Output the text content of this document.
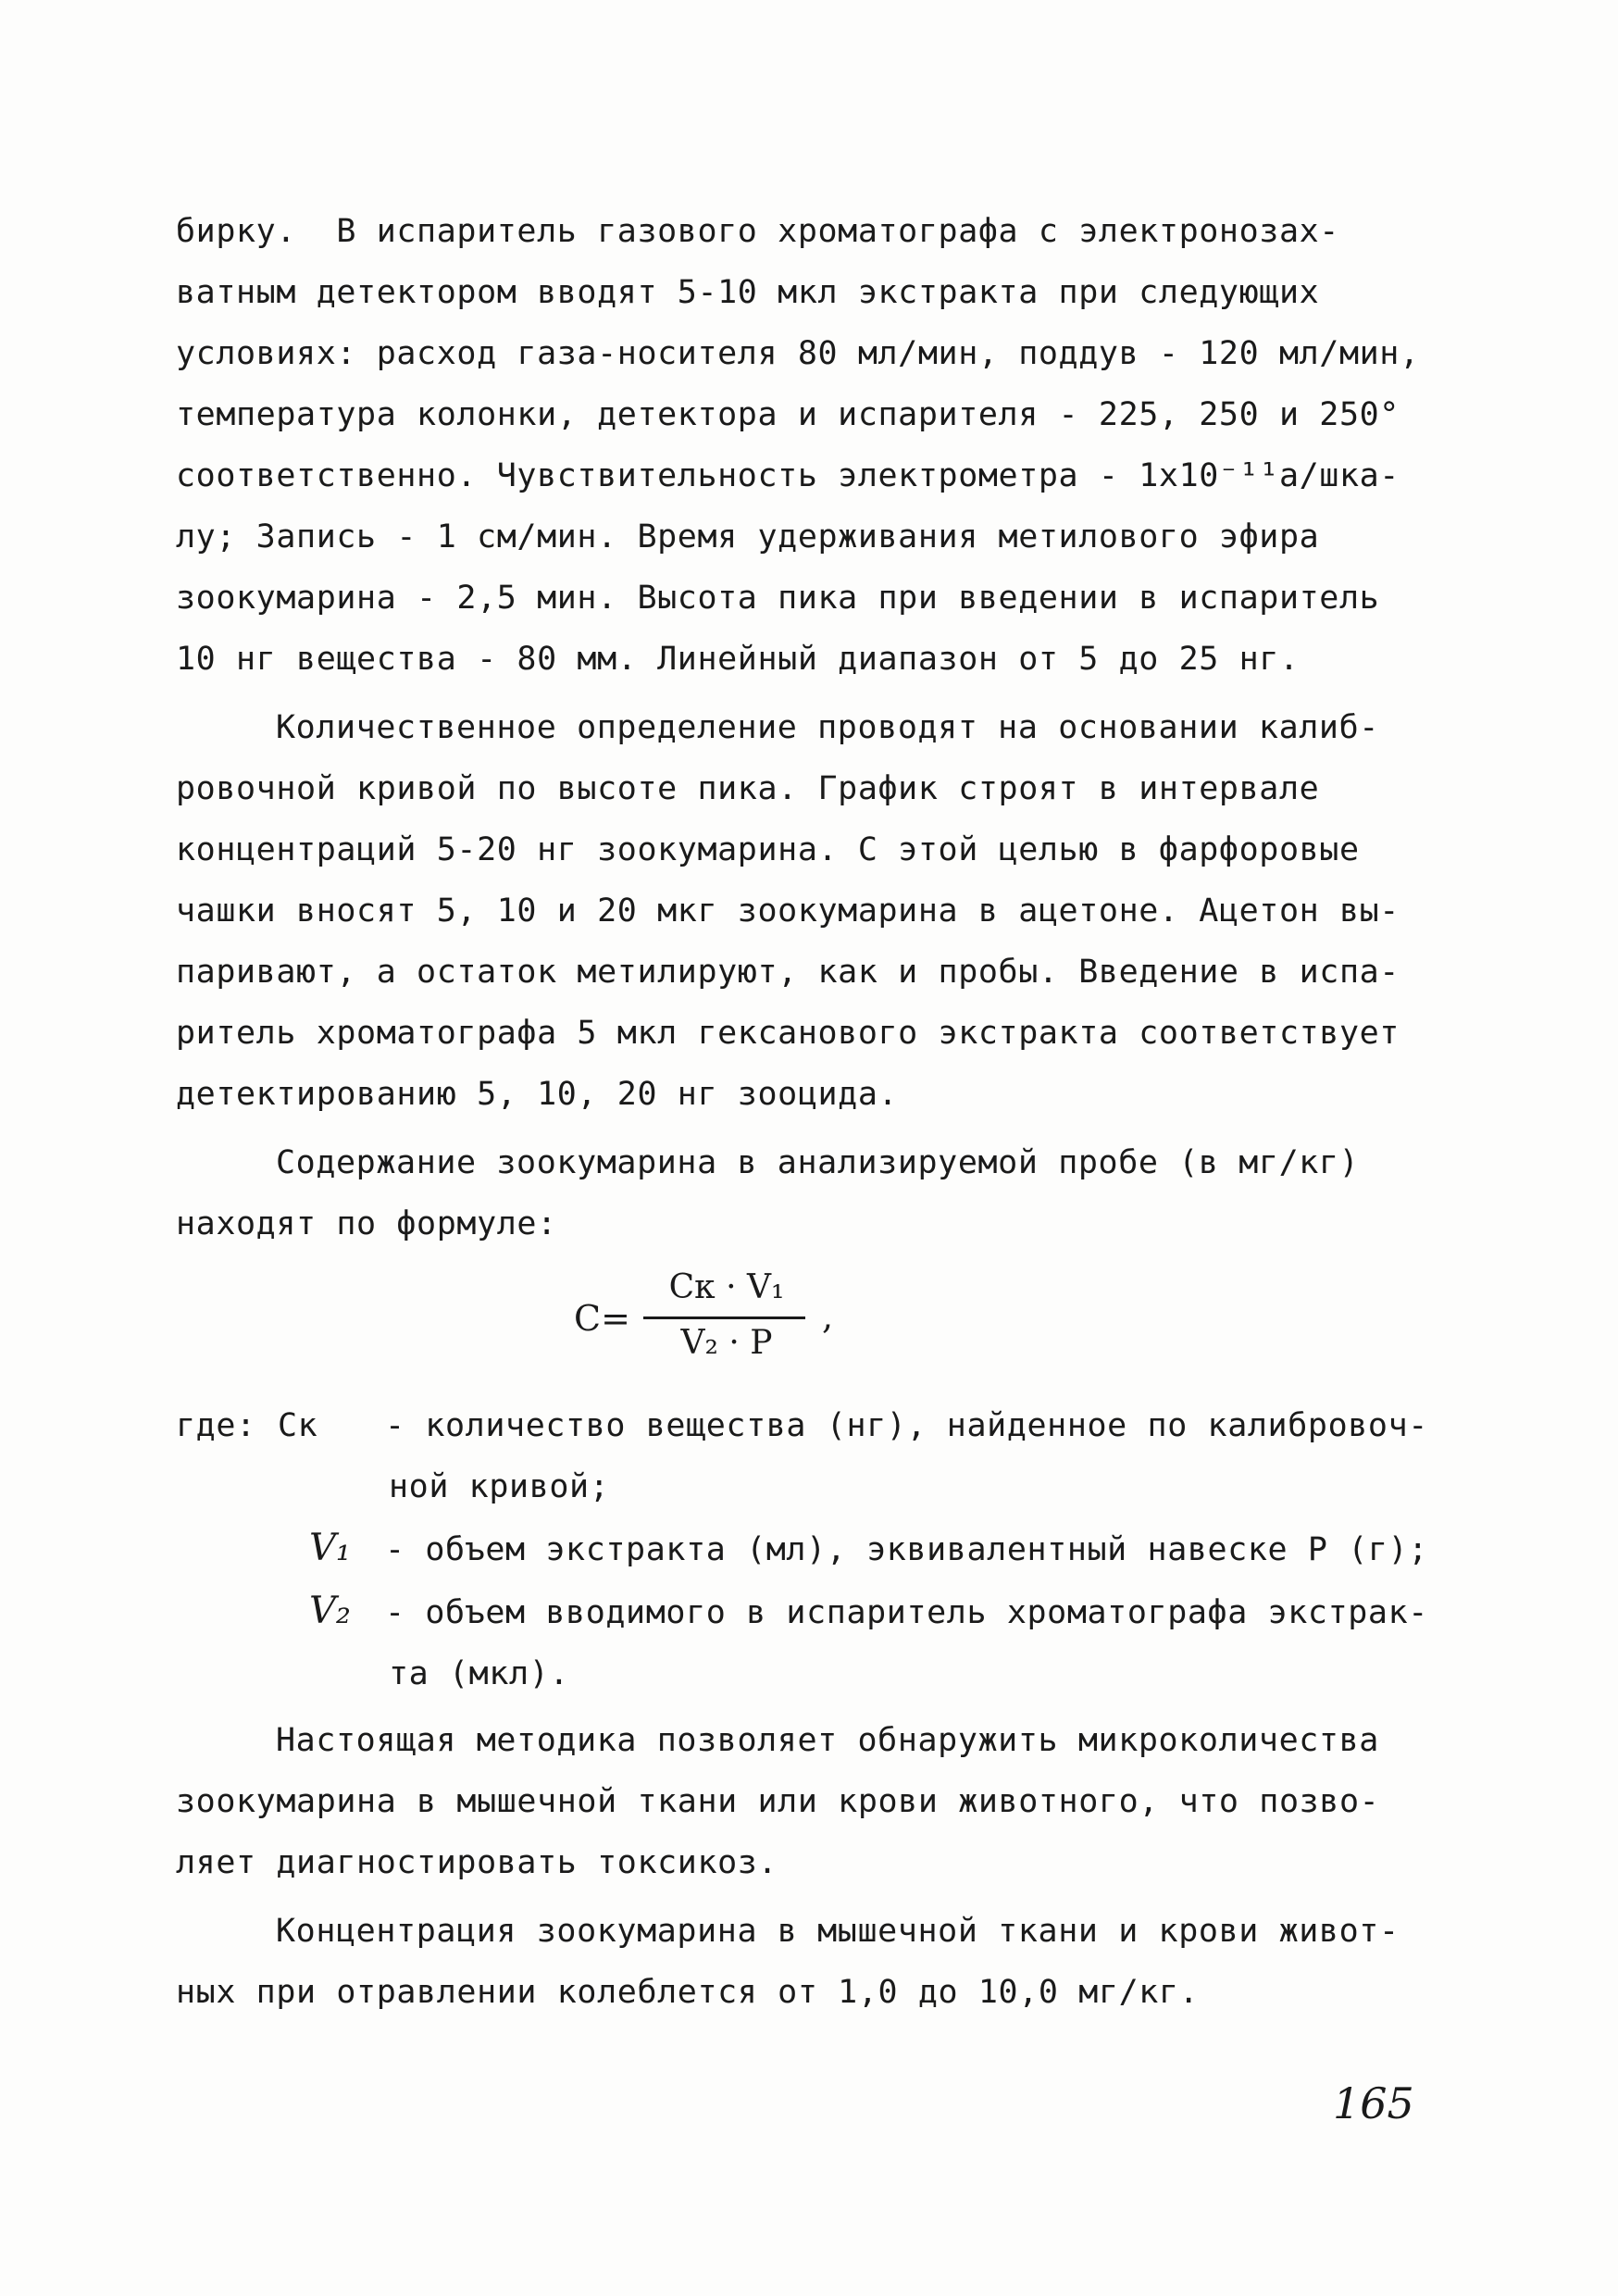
бирку.  В испаритель газового хроматографа с электронозах-
ватным детектором вводят 5-10 мкл экстракта при следующих
условиях: расход газа-носителя 80 мл/мин, поддув - 120 мл/мин,
температура колонки, детектора и испарителя - 225, 250 и 250°
соответственно. Чувствительность электрометра - 1x10⁻¹¹а/шка-
лу; Запись - 1 см/мин. Время удерживания метилового эфира
зоокумарина - 2,5 мин. Высота пика при введении в испаритель
10 нг вещества - 80 мм. Линейный диапазон от 5 до 25 нг.
Количественное определение проводят на основании калиб-
ровочной кривой по высоте пика. График строят в интервале
концентраций 5-20 нг зоокумарина. С этой целью в фарфоровые
чашки вносят 5, 10 и 20 мкг зоокумарина в ацетоне. Ацетон вы-
паривают, а остаток метилируют, как и пробы. Введение в испа-
ритель хроматографа 5 мкл гексанового экстракта соответствует
детектированию 5, 10, 20 нг зооцида.
Содержание зоокумарина в анализируемой пробе (в мг/кг)
находят по формуле:
C=
Cк · V₁
V₂ · P
,
где: Cк - количество вещества (нг), найденное по калибровоч-
ной кривой;
V₁ - объем экстракта (мл), эквивалентный навеске Р (г);
V₂ - объем вводимого в испаритель хроматографа экстрак-
та (мкл).
Настоящая методика позволяет обнаружить микроколичества
зоокумарина в мышечной ткани или крови животного, что позво-
ляет диагностировать токсикоз.
Концентрация зоокумарина в мышечной ткани и крови живот-
ных при отравлении колеблется от 1,0 до 10,0 мг/кг.
165
